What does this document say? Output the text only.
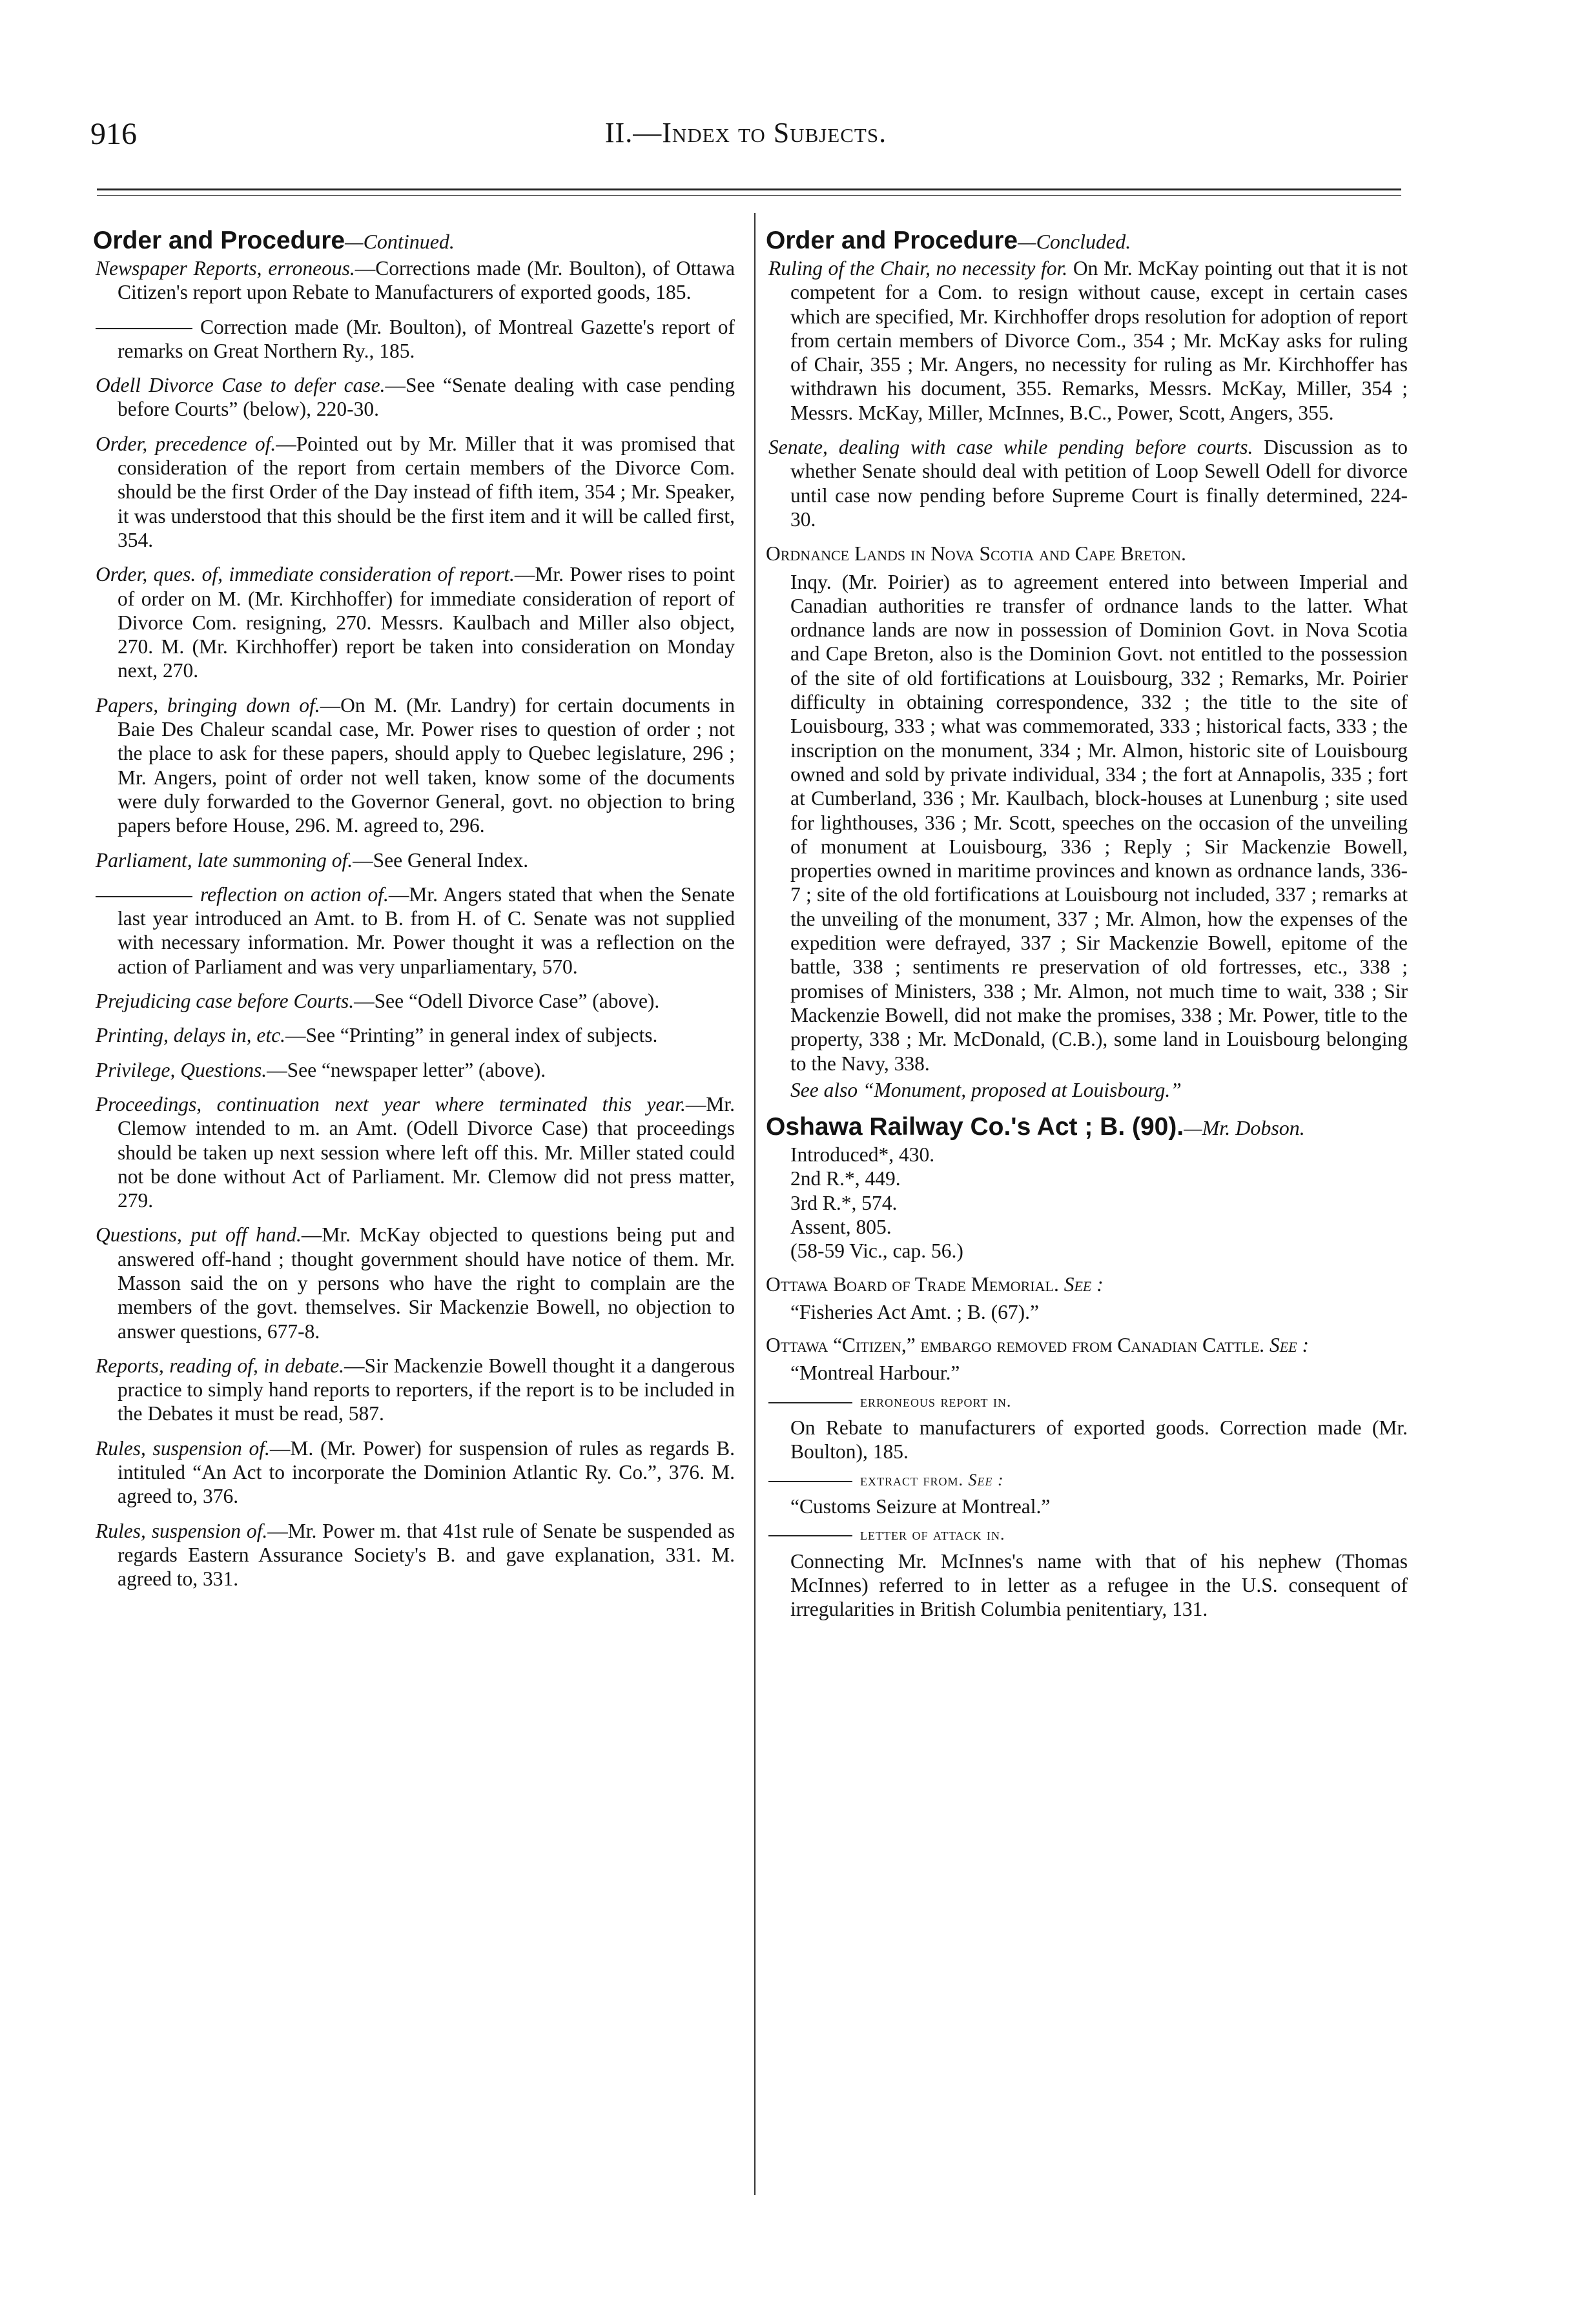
916	II.—Index to Subjects.
Order and Procedure—Continued.
Newspaper Reports, erroneous.—Corrections made (Mr. Boulton), of Ottawa Citizen's report upon Rebate to Manufacturers of exported goods, 185.
Correction made (Mr. Boulton), of Montreal Gazette's report of remarks on Great Northern Ry., 185.
Odell Divorce Case to defer case.—See “Senate dealing with case pending before Courts” (below), 220-30.
Order, precedence of.—Pointed out by Mr. Miller that it was promised that consideration of the report from certain members of the Divorce Com. should be the first Order of the Day instead of fifth item, 354 ; Mr. Speaker, it was understood that this should be the first item and it will be called first, 354.
Order, ques. of, immediate consideration of report.—Mr. Power rises to point of order on M. (Mr. Kirchhoffer) for immediate consideration of report of Divorce Com. resigning, 270. Messrs. Kaulbach and Miller also object, 270. M. (Mr. Kirchhoffer) report be taken into consideration on Monday next, 270.
Papers, bringing down of.—On M. (Mr. Landry) for certain documents in Baie Des Chaleur scandal case, Mr. Power rises to question of order ; not the place to ask for these papers, should apply to Quebec legislature, 296 ; Mr. Angers, point of order not well taken, know some of the documents were duly forwarded to the Governor General, govt. no objection to bring papers before House, 296. M. agreed to, 296.
Parliament, late summoning of.—See General Index.
reflection on action of.—Mr. Angers stated that when the Senate last year introduced an Amt. to B. from H. of C. Senate was not supplied with necessary information. Mr. Power thought it was a reflection on the action of Parliament and was very unparliamentary, 570.
Prejudicing case before Courts.—See “Odell Divorce Case” (above).
Printing, delays in, etc.—See “Printing” in general index of subjects.
Privilege, Questions.—See “newspaper letter” (above).
Proceedings, continuation next year where terminated this year.—Mr. Clemow intended to m. an Amt. (Odell Divorce Case) that proceedings should be taken up next session where left off this. Mr. Miller stated could not be done without Act of Parliament. Mr. Clemow did not press matter, 279.
Questions, put off hand.—Mr. McKay objected to questions being put and answered off-hand ; thought government should have notice of them. Mr. Masson said the on y persons who have the right to complain are the members of the govt. themselves. Sir Mackenzie Bowell, no objection to answer questions, 677-8.
Reports, reading of, in debate.—Sir Mackenzie Bowell thought it a dangerous practice to simply hand reports to reporters, if the report is to be included in the Debates it must be read, 587.
Rules, suspension of.—M. (Mr. Power) for suspension of rules as regards B. intituled “An Act to incorporate the Dominion Atlantic Ry. Co.”, 376. M. agreed to, 376.
Rules, suspension of.—Mr. Power m. that 41st rule of Senate be suspended as regards Eastern Assurance Society's B. and gave explanation, 331. M. agreed to, 331.
Order and Procedure—Concluded.
Ruling of the Chair, no necessity for. On Mr. McKay pointing out that it is not competent for a Com. to resign without cause, except in certain cases which are specified, Mr. Kirchhoffer drops resolution for adoption of report from certain members of Divorce Com., 354 ; Mr. McKay asks for ruling of Chair, 355 ; Mr. Angers, no necessity for ruling as Mr. Kirchhoffer has withdrawn his document, 355. Remarks, Messrs. McKay, Miller, 354 ; Messrs. McKay, Miller, McInnes, B.C., Power, Scott, Angers, 355.
Senate, dealing with case while pending before courts. Discussion as to whether Senate should deal with petition of Loop Sewell Odell for divorce until case now pending before Supreme Court is finally determined, 224-30.
Ordnance Lands in Nova Scotia and Cape Breton.
Inqy. (Mr. Poirier) as to agreement entered into between Imperial and Canadian authorities re transfer of ordnance lands to the latter. What ordnance lands are now in possession of Dominion Govt. in Nova Scotia and Cape Breton, also is the Dominion Govt. not entitled to the possession of the site of old fortifications at Louisbourg, 332 ; Remarks, Mr. Poirier difficulty in obtaining correspondence, 332 ; the title to the site of Louisbourg, 333 ; what was commemorated, 333 ; historical facts, 333 ; the inscription on the monument, 334 ; Mr. Almon, historic site of Louisbourg owned and sold by private individual, 334 ; the fort at Annapolis, 335 ; fort at Cumberland, 336 ; Mr. Kaulbach, block-houses at Lunenburg ; site used for lighthouses, 336 ; Mr. Scott, speeches on the occasion of the unveiling of monument at Louisbourg, 336 ; Reply ; Sir Mackenzie Bowell, properties owned in maritime provinces and known as ordnance lands, 336-7 ; site of the old fortifications at Louisbourg not included, 337 ; remarks at the unveiling of the monument, 337 ; Mr. Almon, how the expenses of the expedition were defrayed, 337 ; Sir Mackenzie Bowell, epitome of the battle, 338 ; sentiments re preservation of old fortresses, etc., 338 ; promises of Ministers, 338 ; Mr. Almon, not much time to wait, 338 ; Sir Mackenzie Bowell, did not make the promises, 338 ; Mr. Power, title to the property, 338 ; Mr. McDonald, (C.B.), some land in Louisbourg belonging to the Navy, 338.
See also “Monument, proposed at Louisbourg.”
Oshawa Railway Co.'s Act ; B. (90).—Mr. Dobson.
Introduced*, 430.
2nd R.*, 449.
3rd R.*, 574.
Assent, 805.
(58-59 Vic., cap. 56.)
Ottawa Board of Trade Memorial. See :
“Fisheries Act Amt. ; B. (67).”
Ottawa “Citizen,” embargo removed from Canadian Cattle. See :
“Montreal Harbour.”
erroneous report in.
On Rebate to manufacturers of exported goods. Correction made (Mr. Boulton), 185.
extract from. See :
“Customs Seizure at Montreal.”
letter of attack in.
Connecting Mr. McInnes's name with that of his nephew (Thomas McInnes) referred to in letter as a refugee in the U.S. consequent of irregularities in British Columbia penitentiary, 131.
